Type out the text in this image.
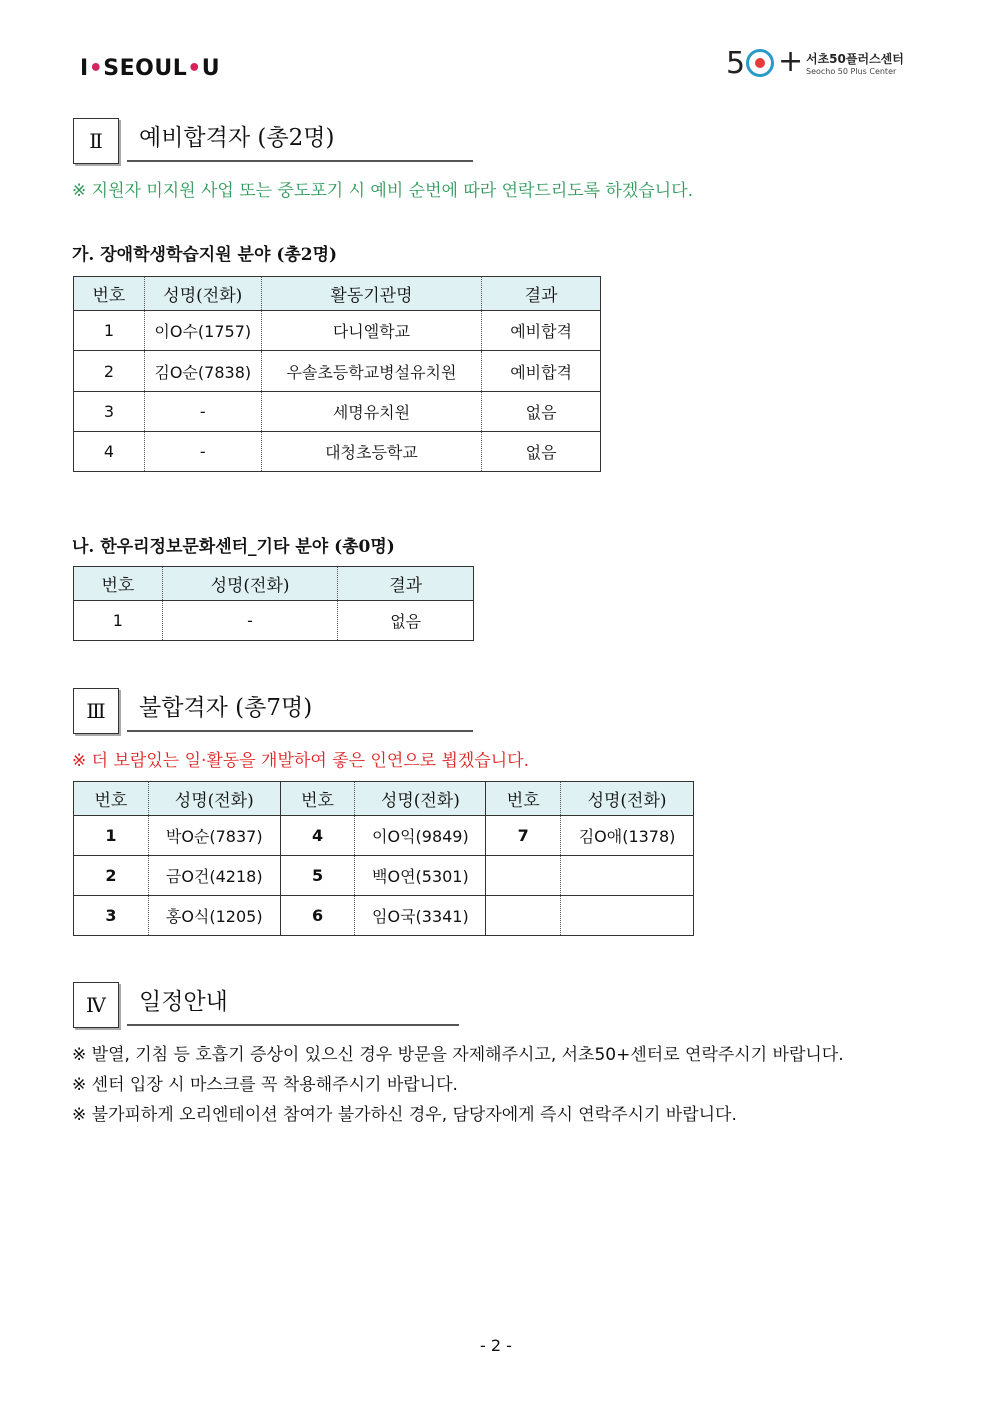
I•SEOUL•U	5 + 서초50플러스센터
Seocho 50 Plus Center
Ⅱ	예비합격자 (총2명)
※ 지원자 미지원 사업 또는 중도포기 시 예비 순번에 따라 연락드리도록 하겠습니다.
가. 장애학생학습지원 분야 (총2명)
번호	성명(전화)	활동기관명	결과
1	이O수(1757)	다니엘학교	예비합격
2	김O순(7838)	우솔초등학교병설유치원	예비합격
3	-	세명유치원	없음
4	-	대청초등학교	없음
나. 한우리정보문화센터_기타 분야 (총0명)
번호	성명(전화)	결과
1	-	없음
Ⅲ	불합격자 (총7명)
※ 더 보람있는 일·활동을 개발하여 좋은 인연으로 뵙겠습니다.
번호	성명(전화)	번호	성명(전화)	번호	성명(전화)
1	박O순(7837)	4	이O익(9849)	7	김O애(1378)
2	금O건(4218)	5	백O연(5301)		
3	홍O식(1205)	6	임O국(3341)		
Ⅳ	일정안내
※ 발열, 기침 등 호흡기 증상이 있으신 경우 방문을 자제해주시고, 서초50+센터로 연락주시기 바랍니다.
※ 센터 입장 시 마스크를 꼭 착용해주시기 바랍니다.
※ 불가피하게 오리엔테이션 참여가 불가하신 경우, 담당자에게 즉시 연락주시기 바랍니다.
- 2 -
